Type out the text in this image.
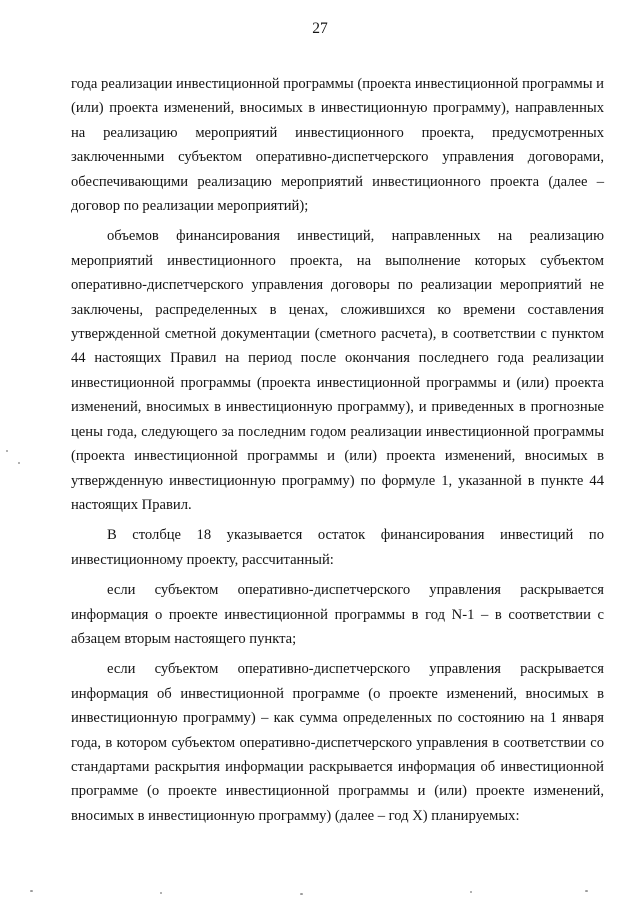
27

года реализации инвестиционной программы (проекта инвестиционной программы и (или) проекта изменений, вносимых в инвестиционную программу), направленных на реализацию мероприятий инвестиционного проекта, предусмотренных заключенными субъектом оперативно-диспетчерского управления договорами, обеспечивающими реализацию мероприятий инвестиционного проекта (далее – договор по реализации мероприятий);

объемов финансирования инвестиций, направленных на реализацию мероприятий инвестиционного проекта, на выполнение которых субъектом оперативно-диспетчерского управления договоры по реализации мероприятий не заключены, распределенных в ценах, сложившихся ко времени составления утвержденной сметной документации (сметного расчета), в соответствии с пунктом 44 настоящих Правил на период после окончания последнего года реализации инвестиционной программы (проекта инвестиционной программы и (или) проекта изменений, вносимых в инвестиционную программу), и приведенных в прогнозные цены года, следующего за последним годом реализации инвестиционной программы (проекта инвестиционной программы и (или) проекта изменений, вносимых в утвержденную инвестиционную программу) по формуле 1, указанной в пункте 44 настоящих Правил.

В столбце 18 указывается остаток финансирования инвестиций по инвестиционному проекту, рассчитанный:

если субъектом оперативно-диспетчерского управления раскрывается информация о проекте инвестиционной программы в год N-1 – в соответствии с абзацем вторым настоящего пункта;

если субъектом оперативно-диспетчерского управления раскрывается информация об инвестиционной программе (о проекте изменений, вносимых в инвестиционную программу) – как сумма определенных по состоянию на 1 января года, в котором субъектом оперативно-диспетчерского управления в соответствии со стандартами раскрытия информации раскрывается информация об инвестиционной программе (о проекте инвестиционной программы и (или) проекте изменений, вносимых в инвестиционную программу) (далее – год X) планируемых:
